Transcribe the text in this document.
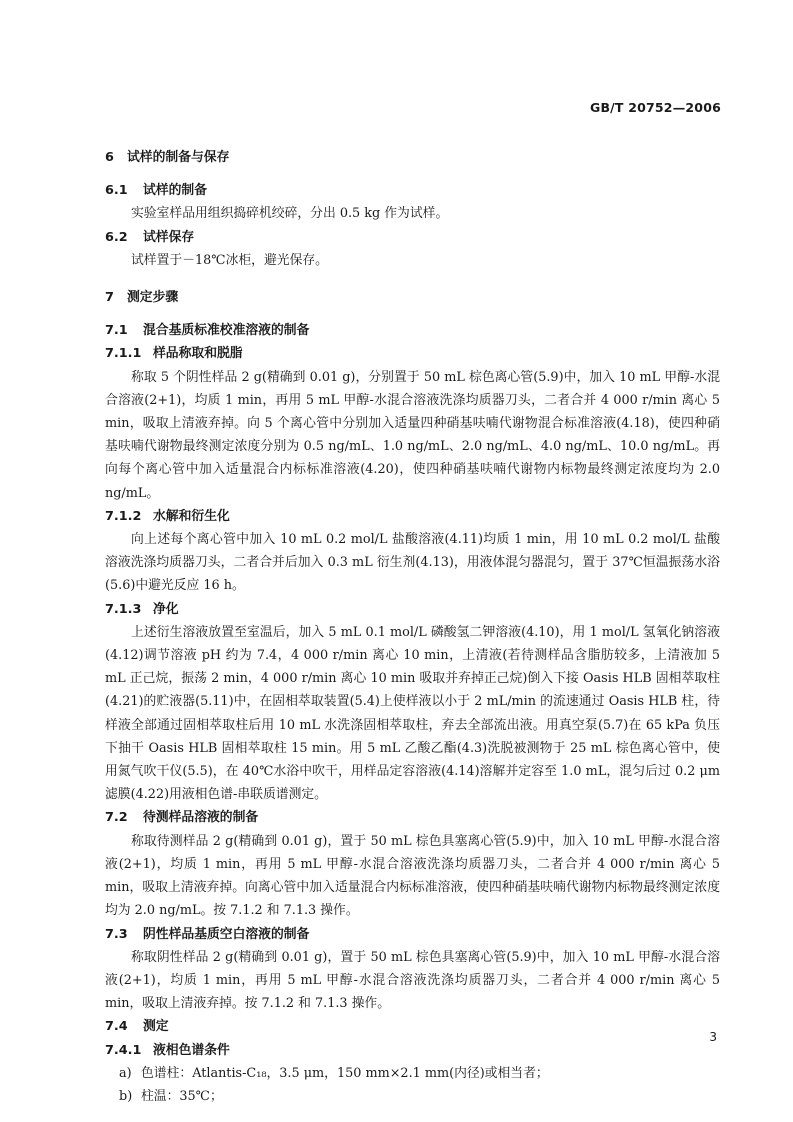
GB/T 20752—2006
6 试样的制备与保存
6.1 试样的制备
实验室样品用组织捣碎机绞碎，分出 0.5 kg 作为试样。
6.2 试样保存
试样置于－18℃冰柜，避光保存。
7 测定步骤
7.1 混合基质标准校准溶液的制备
7.1.1 样品称取和脱脂
称取 5 个阴性样品 2 g(精确到 0.01 g)，分别置于 50 mL 棕色离心管(5.9)中，加入 10 mL 甲醇-水混合溶液(2+1)，均质 1 min，再用 5 mL 甲醇-水混合溶液洗涤均质器刀头，二者合并 4 000 r/min 离心 5 min，吸取上清液弃掉。向 5 个离心管中分别加入适量四种硝基呋喃代谢物混合标准溶液(4.18)，使四种硝基呋喃代谢物最终测定浓度分别为 0.5 ng/mL、1.0 ng/mL、2.0 ng/mL、4.0 ng/mL、10.0 ng/mL。再向每个离心管中加入适量混合内标标准溶液(4.20)，使四种硝基呋喃代谢物内标物最终测定浓度均为 2.0 ng/mL。
7.1.2 水解和衍生化
向上述每个离心管中加入 10 mL 0.2 mol/L 盐酸溶液(4.11)均质 1 min，用 10 mL 0.2 mol/L 盐酸溶液洗涤均质器刀头，二者合并后加入 0.3 mL 衍生剂(4.13)，用液体混匀器混匀，置于 37℃恒温振荡水浴(5.6)中避光反应 16 h。
7.1.3 净化
上述衍生溶液放置至室温后，加入 5 mL 0.1 mol/L 磷酸氢二钾溶液(4.10)，用 1 mol/L 氢氧化钠溶液(4.12)调节溶液 pH 约为 7.4，4 000 r/min 离心 10 min，上清液(若待测样品含脂肪较多，上清液加 5 mL 正己烷，振荡 2 min，4 000 r/min 离心 10 min 吸取并弃掉正己烷)倒入下接 Oasis HLB 固相萃取柱(4.21)的贮液器(5.11)中，在固相萃取装置(5.4)上使样液以小于 2 mL/min 的流速通过 Oasis HLB 柱，待样液全部通过固相萃取柱后用 10 mL 水洗涤固相萃取柱，弃去全部流出液。用真空泵(5.7)在 65 kPa 负压下抽干 Oasis HLB 固相萃取柱 15 min。用 5 mL 乙酸乙酯(4.3)洗脱被测物于 25 mL 棕色离心管中，使用氮气吹干仪(5.5)，在 40℃水浴中吹干，用样品定容溶液(4.14)溶解并定容至 1.0 mL，混匀后过 0.2 μm 滤膜(4.22)用液相色谱-串联质谱测定。
7.2 待测样品溶液的制备
称取待测样品 2 g(精确到 0.01 g)，置于 50 mL 棕色具塞离心管(5.9)中，加入 10 mL 甲醇-水混合溶液(2+1)，均质 1 min，再用 5 mL 甲醇-水混合溶液洗涤均质器刀头，二者合并 4 000 r/min 离心 5 min，吸取上清液弃掉。向离心管中加入适量混合内标标准溶液，使四种硝基呋喃代谢物内标物最终测定浓度均为 2.0 ng/mL。按 7.1.2 和 7.1.3 操作。
7.3 阴性样品基质空白溶液的制备
称取阴性样品 2 g(精确到 0.01 g)，置于 50 mL 棕色具塞离心管(5.9)中，加入 10 mL 甲醇-水混合溶液(2+1)，均质 1 min，再用 5 mL 甲醇-水混合溶液洗涤均质器刀头，二者合并 4 000 r/min 离心 5 min，吸取上清液弃掉。按 7.1.2 和 7.1.3 操作。
7.4 测定
7.4.1 液相色谱条件
a) 色谱柱：Atlantis-C₁₈，3.5 μm，150 mm×2.1 mm(内径)或相当者；
b) 柱温：35℃；
3
